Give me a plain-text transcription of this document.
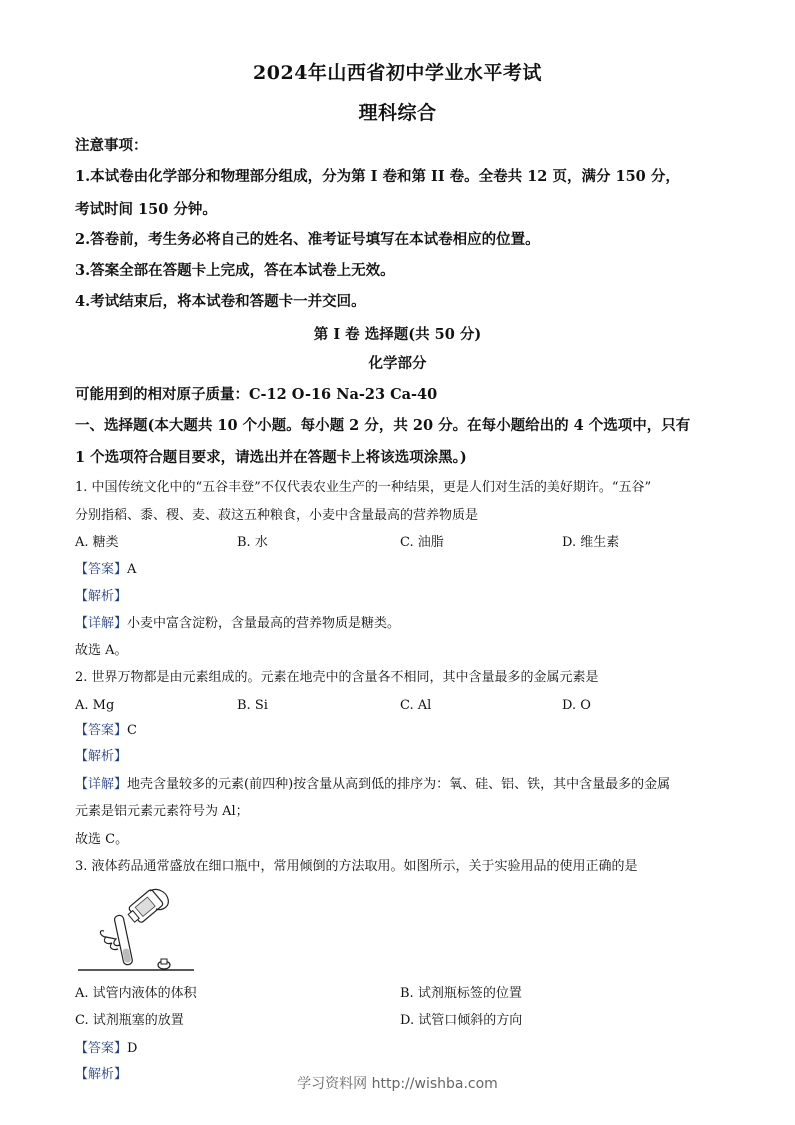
2024年山西省初中学业水平考试
理科综合
注意事项：
1.本试卷由化学部分和物理部分组成，分为第 I 卷和第 II 卷。全卷共 12 页，满分 150 分，
考试时间 150 分钟。
2.答卷前，考生务必将自己的姓名、准考证号填写在本试卷相应的位置。
3.答案全部在答题卡上完成，答在本试卷上无效。
4.考试结束后，将本试卷和答题卡一并交回。
第 I 卷 选择题(共 50 分)
化学部分
可能用到的相对原子质量：C-12 O-16 Na-23 Ca-40
一、选择题(本大题共 10 个小题。每小题 2 分，共 20 分。在每小题给出的 4 个选项中，只有
1 个选项符合题目要求，请选出并在答题卡上将该选项涂黑。)
1. 中国传统文化中的“五谷丰登”不仅代表农业生产的一种结果，更是人们对生活的美好期许。“五谷”
分别指稻、黍、稷、麦、菽这五种粮食，小麦中含量最高的营养物质是
A. 糖类	B. 水	C. 油脂	D. 维生素
【答案】A
【解析】
【详解】小麦中富含淀粉，含量最高的营养物质是糖类。
故选 A。
2. 世界万物都是由元素组成的。元素在地壳中的含量各不相同，其中含量最多的金属元素是
A. Mg	B. Si	C. Al	D. O
【答案】C
【解析】
【详解】地壳含量较多的元素(前四种)按含量从高到低的排序为：氧、硅、铝、铁，其中含量最多的金属
元素是铝元素元素符号为 Al；
故选 C。
3. 液体药品通常盛放在细口瓶中，常用倾倒的方法取用。如图所示，关于实验用品的使用正确的是
A. 试管内液体的体积	B. 试剂瓶标签的位置
C. 试剂瓶塞的放置	D. 试管口倾斜的方向
【答案】D
【解析】
学习资料网 http://wishba.com
